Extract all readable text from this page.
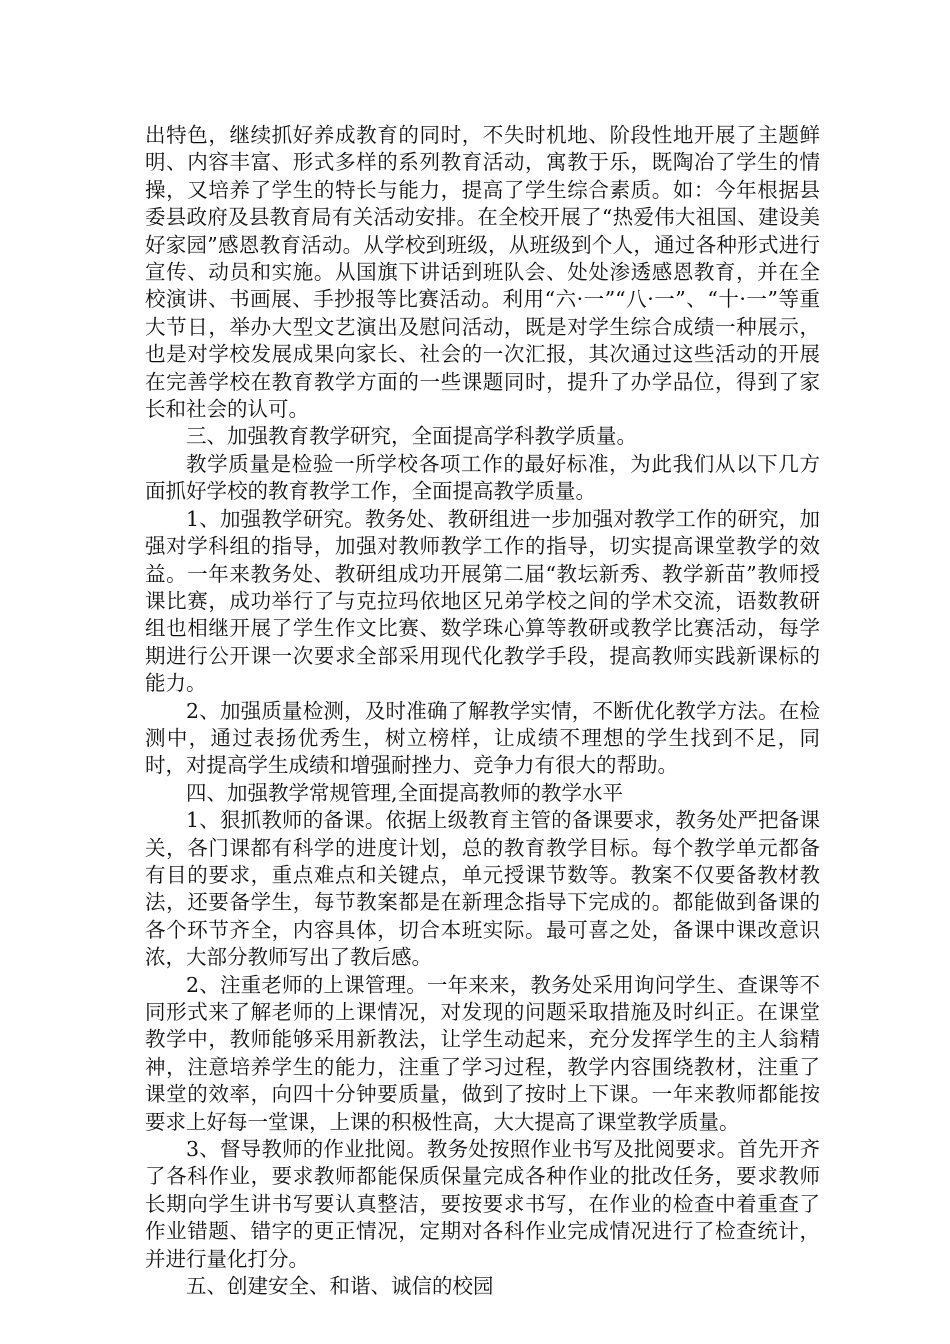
出特色，继续抓好养成教育的同时，不失时机地、阶段性地开展了主题鲜明、内容丰富、形式多样的系列教育活动，寓教于乐，既陶冶了学生的情操，又培养了学生的特长与能力，提高了学生综合素质。如：今年根据县委县政府及县教育局有关活动安排。在全校开展了“热爱伟大祖国、建设美好家园”感恩教育活动。从学校到班级，从班级到个人，通过各种形式进行宣传、动员和实施。从国旗下讲话到班队会、处处渗透感恩教育，并在全校演讲、书画展、手抄报等比赛活动。利用“六·一”“八·一”、“十·一”等重大节日，举办大型文艺演出及慰问活动，既是对学生综合成绩一种展示，也是对学校发展成果向家长、社会的一次汇报，其次通过这些活动的开展在完善学校在教育教学方面的一些课题同时，提升了办学品位，得到了家长和社会的认可。

三、加强教育教学研究，全面提高学科教学质量。

教学质量是检验一所学校各项工作的最好标准，为此我们从以下几方面抓好学校的教育教学工作，全面提高教学质量。

1、加强教学研究。教务处、教研组进一步加强对教学工作的研究，加强对学科组的指导，加强对教师教学工作的指导，切实提高课堂教学的效益。一年来教务处、教研组成功开展第二届“教坛新秀、教学新苗”教师授课比赛，成功举行了与克拉玛依地区兄弟学校之间的学术交流，语数教研组也相继开展了学生作文比赛、数学珠心算等教研或教学比赛活动，每学期进行公开课一次要求全部采用现代化教学手段，提高教师实践新课标的能力。

2、加强质量检测，及时准确了解教学实情，不断优化教学方法。在检测中，通过表扬优秀生，树立榜样，让成绩不理想的学生找到不足，同时，对提高学生成绩和增强耐挫力、竞争力有很大的帮助。

四、加强教学常规管理,全面提高教师的教学水平

1、狠抓教师的备课。依据上级教育主管的备课要求，教务处严把备课关，各门课都有科学的进度计划，总的教育教学目标。每个教学单元都备有目的要求，重点难点和关键点，单元授课节数等。教案不仅要备教材教法，还要备学生，每节教案都是在新理念指导下完成的。都能做到备课的各个环节齐全，内容具体，切合本班实际。最可喜之处，备课中课改意识浓，大部分教师写出了教后感。

2、注重老师的上课管理。一年来来，教务处采用询问学生、查课等不同形式来了解老师的上课情况，对发现的问题采取措施及时纠正。在课堂教学中，教师能够采用新教法，让学生动起来，充分发挥学生的主人翁精神，注意培养学生的能力，注重了学习过程，教学内容围绕教材，注重了课堂的效率，向四十分钟要质量，做到了按时上下课。一年来教师都能按要求上好每一堂课，上课的积极性高，大大提高了课堂教学质量。

3、督导教师的作业批阅。教务处按照作业书写及批阅要求。首先开齐了各科作业，要求教师都能保质保量完成各种作业的批改任务，要求教师长期向学生讲书写要认真整洁，要按要求书写，在作业的检查中着重查了作业错题、错字的更正情况，定期对各科作业完成情况进行了检查统计，并进行量化打分。

五、创建安全、和谐、诚信的校园
